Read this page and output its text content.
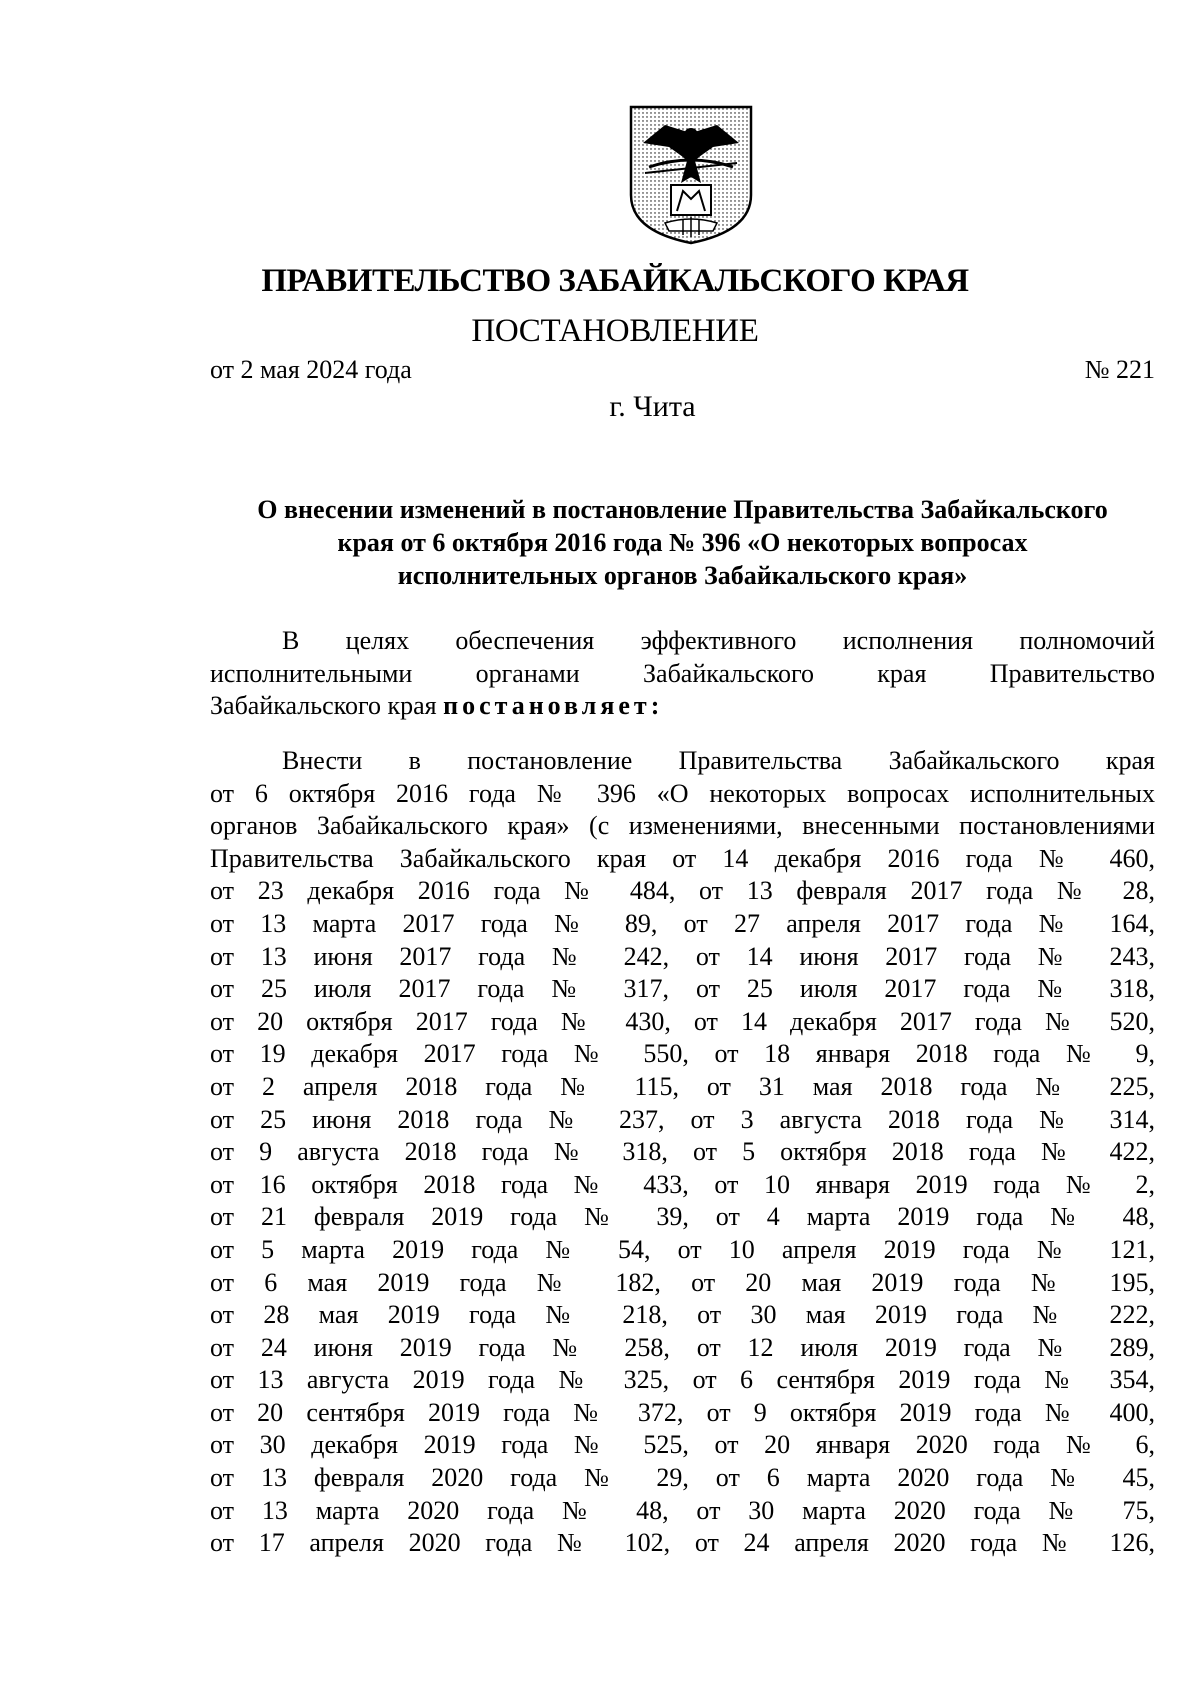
ПРАВИТЕЛЬСТВО ЗАБАЙКАЛЬСКОГО КРАЯ
ПОСТАНОВЛЕНИЕ
от 2 мая 2024 года	№ 221
г. Чита
О внесении изменений в постановление Правительства Забайкальского
края от 6 октября 2016 года № 396 «О некоторых вопросах
исполнительных органов Забайкальского края»
В целях обеспечения эффективного исполнения полномочий
исполнительными органами Забайкальского края Правительство
Забайкальского края постановляет:
Внести в постановление Правительства Забайкальского края
от 6 октября 2016 года № 396 «О некоторых вопросах исполнительных
органов Забайкальского края» (с изменениями, внесенными постановлениями
Правительства Забайкальского края от 14 декабря 2016 года № 460,
от 23 декабря 2016 года № 484, от 13 февраля 2017 года № 28,
от 13 марта 2017 года № 89, от 27 апреля 2017 года № 164,
от 13 июня 2017 года № 242, от 14 июня 2017 года № 243,
от 25 июля 2017 года № 317, от 25 июля 2017 года № 318,
от 20 октября 2017 года № 430, от 14 декабря 2017 года № 520,
от 19 декабря 2017 года № 550, от 18 января 2018 года № 9,
от 2 апреля 2018 года № 115, от 31 мая 2018 года № 225,
от 25 июня 2018 года № 237, от 3 августа 2018 года № 314,
от 9 августа 2018 года № 318, от 5 октября 2018 года № 422,
от 16 октября 2018 года № 433, от 10 января 2019 года № 2,
от 21 февраля 2019 года № 39, от 4 марта 2019 года № 48,
от 5 марта 2019 года № 54, от 10 апреля 2019 года № 121,
от 6 мая 2019 года № 182, от 20 мая 2019 года № 195,
от 28 мая 2019 года № 218, от 30 мая 2019 года № 222,
от 24 июня 2019 года № 258, от 12 июля 2019 года № 289,
от 13 августа 2019 года № 325, от 6 сентября 2019 года № 354,
от 20 сентября 2019 года № 372, от 9 октября 2019 года № 400,
от 30 декабря 2019 года № 525, от 20 января 2020 года № 6,
от 13 февраля 2020 года № 29, от 6 марта 2020 года № 45,
от 13 марта 2020 года № 48, от 30 марта 2020 года № 75,
от 17 апреля 2020 года № 102, от 24 апреля 2020 года № 126,
